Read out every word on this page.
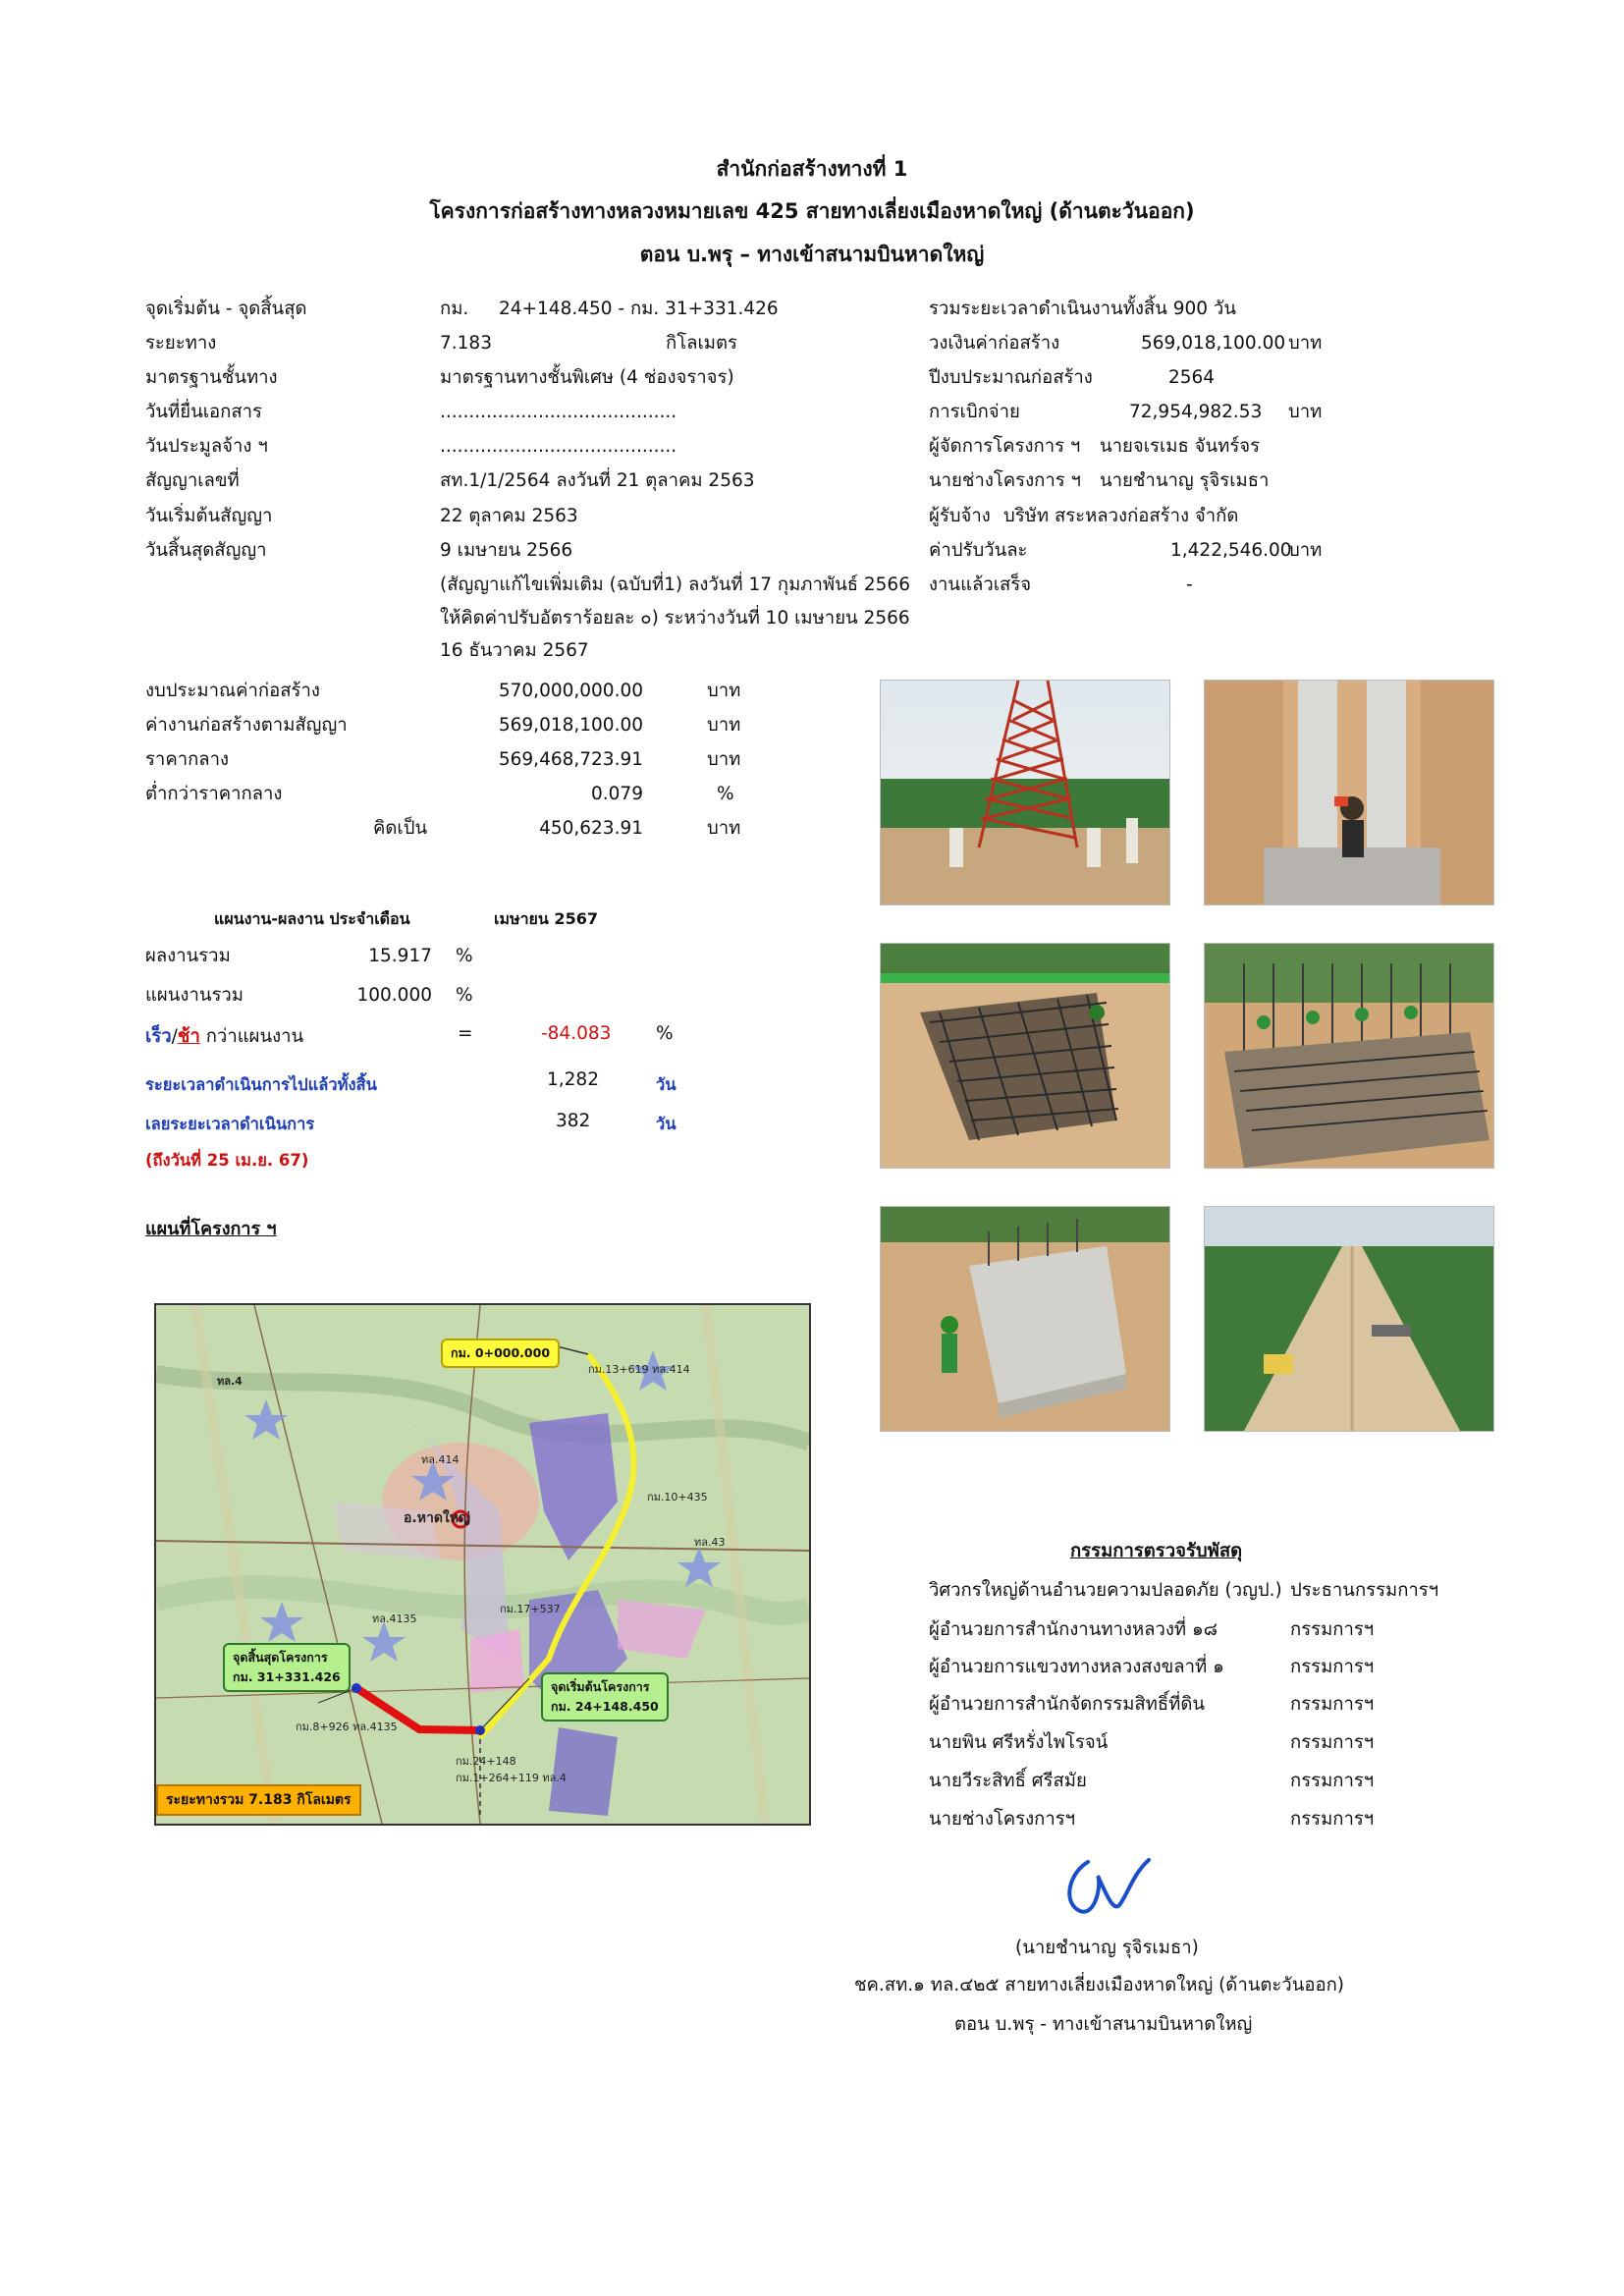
สำนักก่อสร้างทางที่ 1
โครงการก่อสร้างทางหลวงหมายเลข 425 สายทางเลี่ยงเมืองหาดใหญ่ (ด้านตะวันออก)
ตอน บ.พรุ – ทางเข้าสนามบินหาดใหญ่
จุดเริ่มต้น - จุดสิ้นสุด	กม. 24+148.450 - กม. 31+331.426
ระยะทาง	7.183	กิโลเมตร
มาตรฐานชั้นทาง	มาตรฐานทางชั้นพิเศษ (4 ช่องจราจร)
วันที่ยื่นเอกสาร	.........................................
วันประมูลจ้าง ฯ	.........................................
สัญญาเลขที่	สท.1/1/2564 ลงวันที่ 21 ตุลาคม 2563
วันเริ่มต้นสัญญา	22 ตุลาคม 2563
วันสิ้นสุดสัญญา	9 เมษายน 2566
(สัญญาแก้ไขเพิ่มเติม (ฉบับที่1) ลงวันที่ 17 กุมภาพันธ์ 2566
ให้คิดค่าปรับอัตราร้อยละ ๐) ระหว่างวันที่ 10 เมษายน 2566
16 ธันวาคม 2567
รวมระยะเวลาดำเนินงานทั้งสิ้น 900 วัน
วงเงินค่าก่อสร้าง	569,018,100.00 บาท
ปีงบประมาณก่อสร้าง	2564
การเบิกจ่าย	72,954,982.53 บาท
ผู้จัดการโครงการ ฯ นายจเรเมธ จันทร์จร
นายช่างโครงการ ฯ นายชำนาญ รุจิรเมธา
ผู้รับจ้าง บริษัท สระหลวงก่อสร้าง จำกัด
ค่าปรับวันละ	1,422,546.00
บาท
งานแล้วเสร็จ	-
งบประมาณค่าก่อสร้าง	570,000,000.00	บาท
ค่างานก่อสร้างตามสัญญา	569,018,100.00	บาท
ราคากลาง	569,468,723.91	บาท
ต่ำกว่าราคากลาง	0.079	%
คิดเป็น	450,623.91	บาท
แผนงาน-ผลงาน ประจำเดือน	เมษายน 2567
ผลงานรวม	15.917 %
แผนงานรวม	100.000 %
เร็ว/ช้า กว่าแผนงาน	=	-84.083 %
ระยะเวลาดำเนินการไปแล้วทั้งสิ้น	1,282	วัน
เลยระยะเวลาดำเนินการ	382	วัน
(ถึงวันที่ 25 เม.ย. 67)
แผนที่โครงการ ฯ
กม. 0+000.000
กม.13+619 ทล.414
กม.10+435
กม.17+537
กม.8+926 ทล.4135
กม.24+148
กม.1+264+119 ทล.4
ทล.4
ทล.414
ทล.43
ทล.4135
อ.หาดใหญ่
จุดสิ้นสุดโครงการ
กม. 31+331.426
จุดเริ่มต้นโครงการ
กม. 24+148.450
ระยะทางรวม 7.183 กิโลเมตร
กรรมการตรวจรับพัสดุ
วิศวกรใหญ่ด้านอำนวยความปลอดภัย (วญป.) ประธานกรรมการฯ
ผู้อำนวยการสำนักงานทางหลวงที่ ๑๘	กรรมการฯ
ผู้อำนวยการแขวงทางหลวงสงขลาที่ ๑	กรรมการฯ
ผู้อำนวยการสำนักจัดกรรมสิทธิ์ที่ดิน	กรรมการฯ
นายพิน ศรีหรั่งไพโรจน์	กรรมการฯ
นายวีระสิทธิ์ ศรีสมัย	กรรมการฯ
นายช่างโครงการฯ	กรรมการฯ
(นายชำนาญ รุจิรเมธา)
ชค.สท.๑ ทล.๔๒๕ สายทางเลี่ยงเมืองหาดใหญ่ (ด้านตะวันออก)
ตอน บ.พรุ - ทางเข้าสนามบินหาดใหญ่
